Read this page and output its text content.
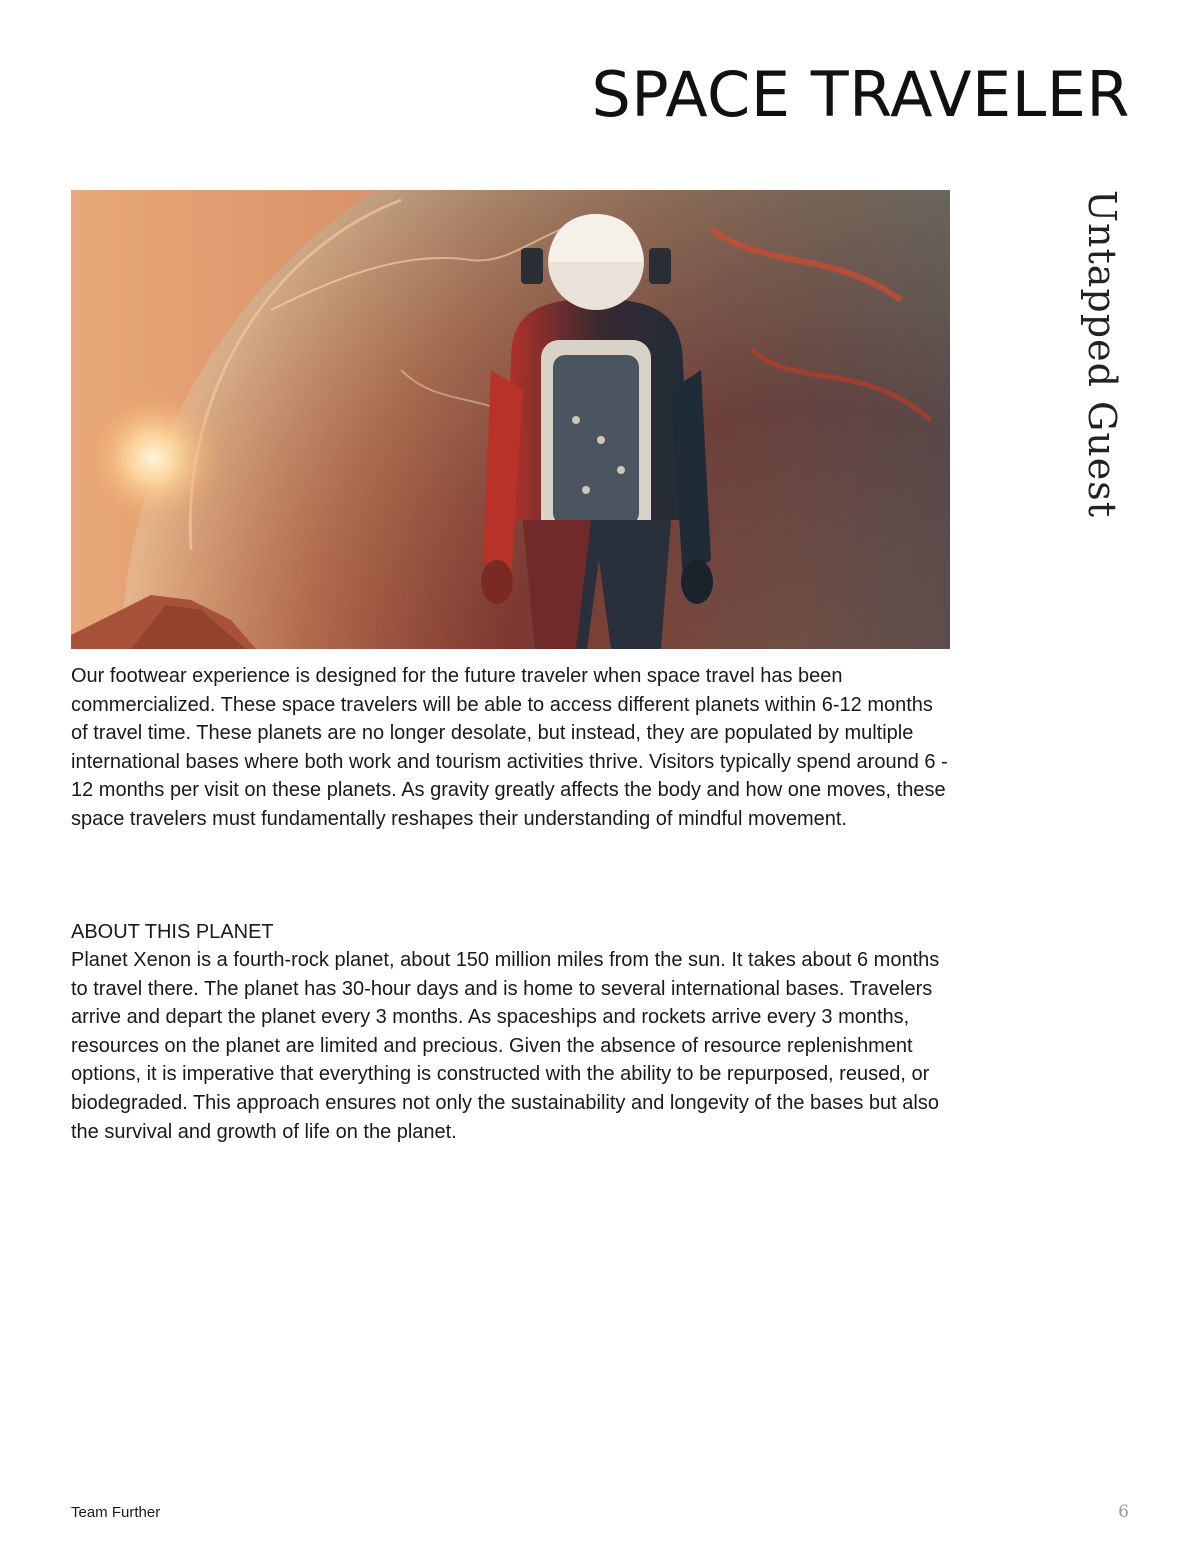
SPACE TRAVELER
Untapped Guest

Our footwear experience is designed for the future traveler when space travel has been commercialized. These space travelers will be able to access different planets within 6-12 months of travel time. These planets are no longer desolate, but instead, they are populated by multiple international bases where both work and tourism activities thrive. Visitors typically spend around 6 - 12 months per visit on these planets. As gravity greatly affects the body and how one moves, these space travelers must fundamentally reshapes their understanding of mindful movement.

ABOUT THIS PLANET

Planet Xenon is a fourth-rock planet, about 150 million miles from the sun. It takes about 6 months to travel there. The planet has 30-hour days and is home to several international bases. Travelers arrive and depart the planet every 3 months. As spaceships and rockets arrive every 3 months, resources on the planet are limited and precious. Given the absence of resource replenishment options, it is imperative that everything is constructed with the ability to be repurposed, reused, or biodegraded. This approach ensures not only the sustainability and longevity of the bases but also the survival and growth of life on the planet.

Team Further	6
